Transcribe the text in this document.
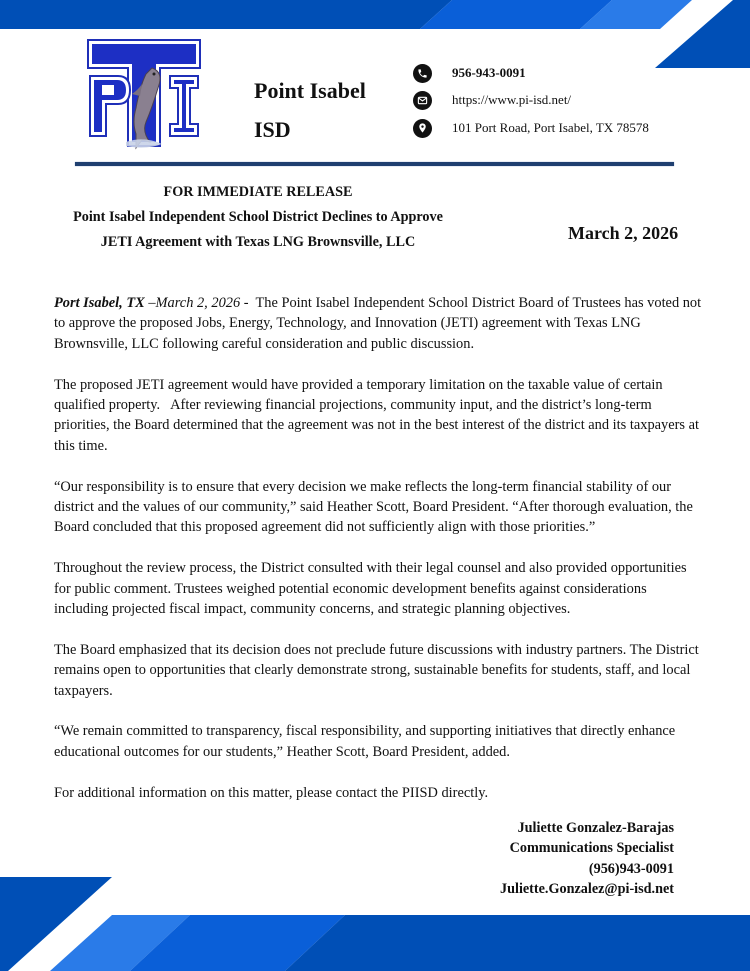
Point Isabel
ISD
956-943-0091
https://www.pi-isd.net/
101 Port Road, Port Isabel, TX 78578
FOR IMMEDIATE RELEASE
Point Isabel Independent School District Declines to Approve
JETI Agreement with Texas LNG Brownsville, LLC	March 2, 2026

Port Isabel, TX –March 2, 2026 -  The Point Isabel Independent School District Board of Trustees has voted not to approve the proposed Jobs, Energy, Technology, and Innovation (JETI) agreement with Texas LNG Brownsville, LLC following careful consideration and public discussion.

The proposed JETI agreement would have provided a temporary limitation on the taxable value of certain qualified property.   After reviewing financial projections, community input, and the district’s long-term priorities, the Board determined that the agreement was not in the best interest of the district and its taxpayers at this time.

“Our responsibility is to ensure that every decision we make reflects the long-term financial stability of our district and the values of our community,” said Heather Scott, Board President. “After thorough evaluation, the Board concluded that this proposed agreement did not sufficiently align with those priorities.”

Throughout the review process, the District consulted with their legal counsel and also provided opportunities for public comment. Trustees weighed potential economic development benefits against considerations including projected fiscal impact, community concerns, and strategic planning objectives.

The Board emphasized that its decision does not preclude future discussions with industry partners. The District remains open to opportunities that clearly demonstrate strong, sustainable benefits for students, staff, and local taxpayers.

“We remain committed to transparency, fiscal responsibility, and supporting initiatives that directly enhance educational outcomes for our students,” Heather Scott, Board President, added.

For additional information on this matter, please contact the PIISD directly.

Juliette Gonzalez-Barajas
Communications Specialist
(956)943-0091
Juliette.Gonzalez@pi-isd.net
